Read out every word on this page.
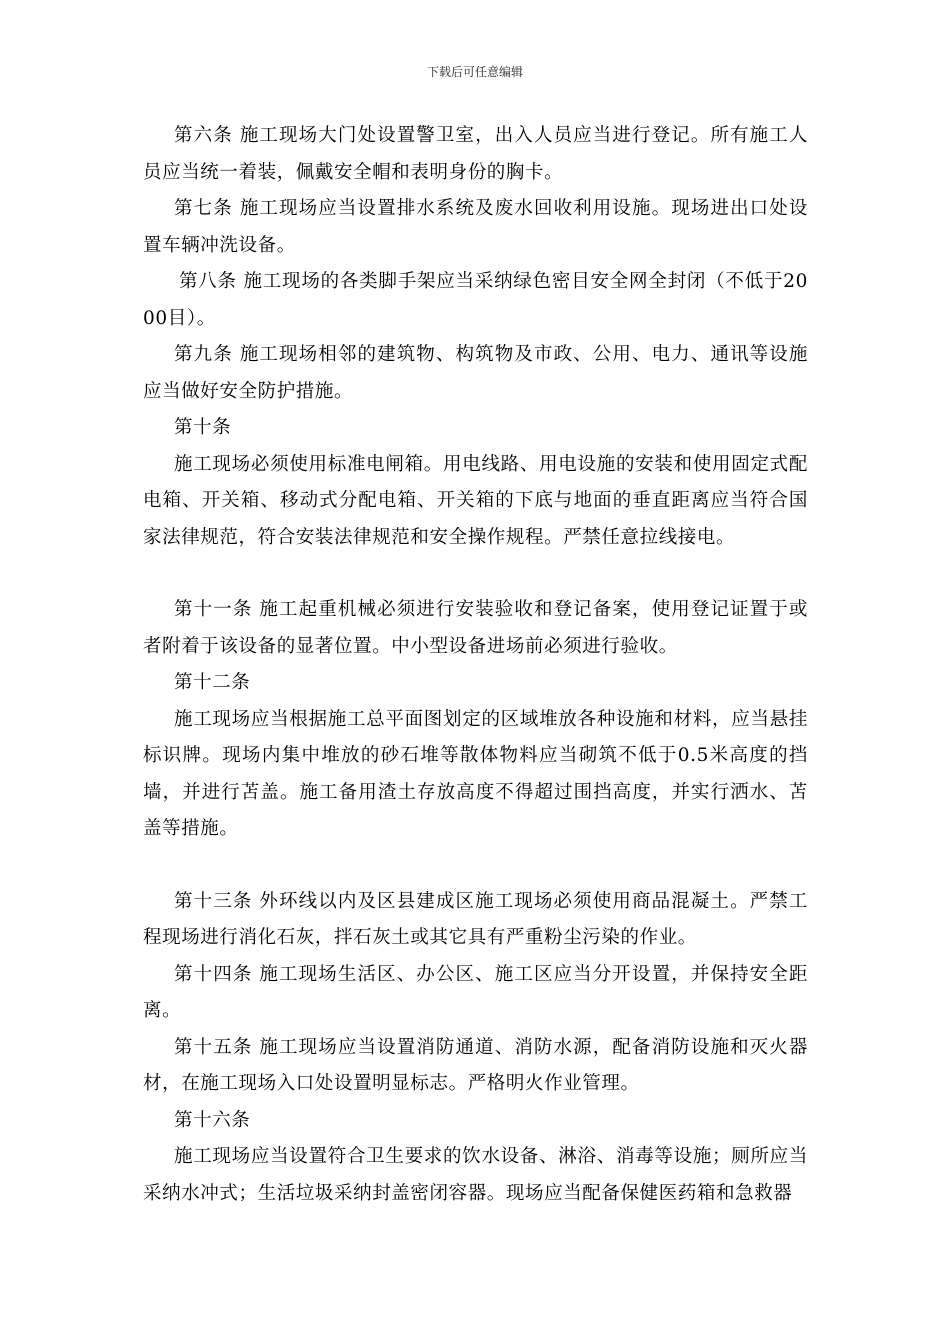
下载后可任意编辑

第六条 施工现场大门处设置警卫室，出入人员应当进行登记。所有施工人员应当统一着装，佩戴安全帽和表明身份的胸卡。

第七条 施工现场应当设置排水系统及废水回收利用设施。现场进出口处设置车辆冲洗设备。

第八条 施工现场的各类脚手架应当采纳绿色密目安全网全封闭（不低于2000目）。

第九条 施工现场相邻的建筑物、构筑物及市政、公用、电力、通讯等设施应当做好安全防护措施。

第十条

施工现场必须使用标准电闸箱。用电线路、用电设施的安装和使用固定式配电箱、开关箱、移动式分配电箱、开关箱的下底与地面的垂直距离应当符合国家法律规范，符合安装法律规范和安全操作规程。严禁任意拉线接电。

第十一条 施工起重机械必须进行安装验收和登记备案，使用登记证置于或者附着于该设备的显著位置。中小型设备进场前必须进行验收。

第十二条

施工现场应当根据施工总平面图划定的区域堆放各种设施和材料，应当悬挂标识牌。现场内集中堆放的砂石堆等散体物料应当砌筑不低于0.5米高度的挡墙，并进行苫盖。施工备用渣土存放高度不得超过围挡高度，并实行洒水、苫盖等措施。

第十三条 外环线以内及区县建成区施工现场必须使用商品混凝土。严禁工程现场进行消化石灰，拌石灰土或其它具有严重粉尘污染的作业。

第十四条 施工现场生活区、办公区、施工区应当分开设置，并保持安全距离。

第十五条 施工现场应当设置消防通道、消防水源，配备消防设施和灭火器材，在施工现场入口处设置明显标志。严格明火作业管理。

第十六条

施工现场应当设置符合卫生要求的饮水设备、淋浴、消毒等设施；厕所应当采纳水冲式；生活垃圾采纳封盖密闭容器。现场应当配备保健医药箱和急救器
